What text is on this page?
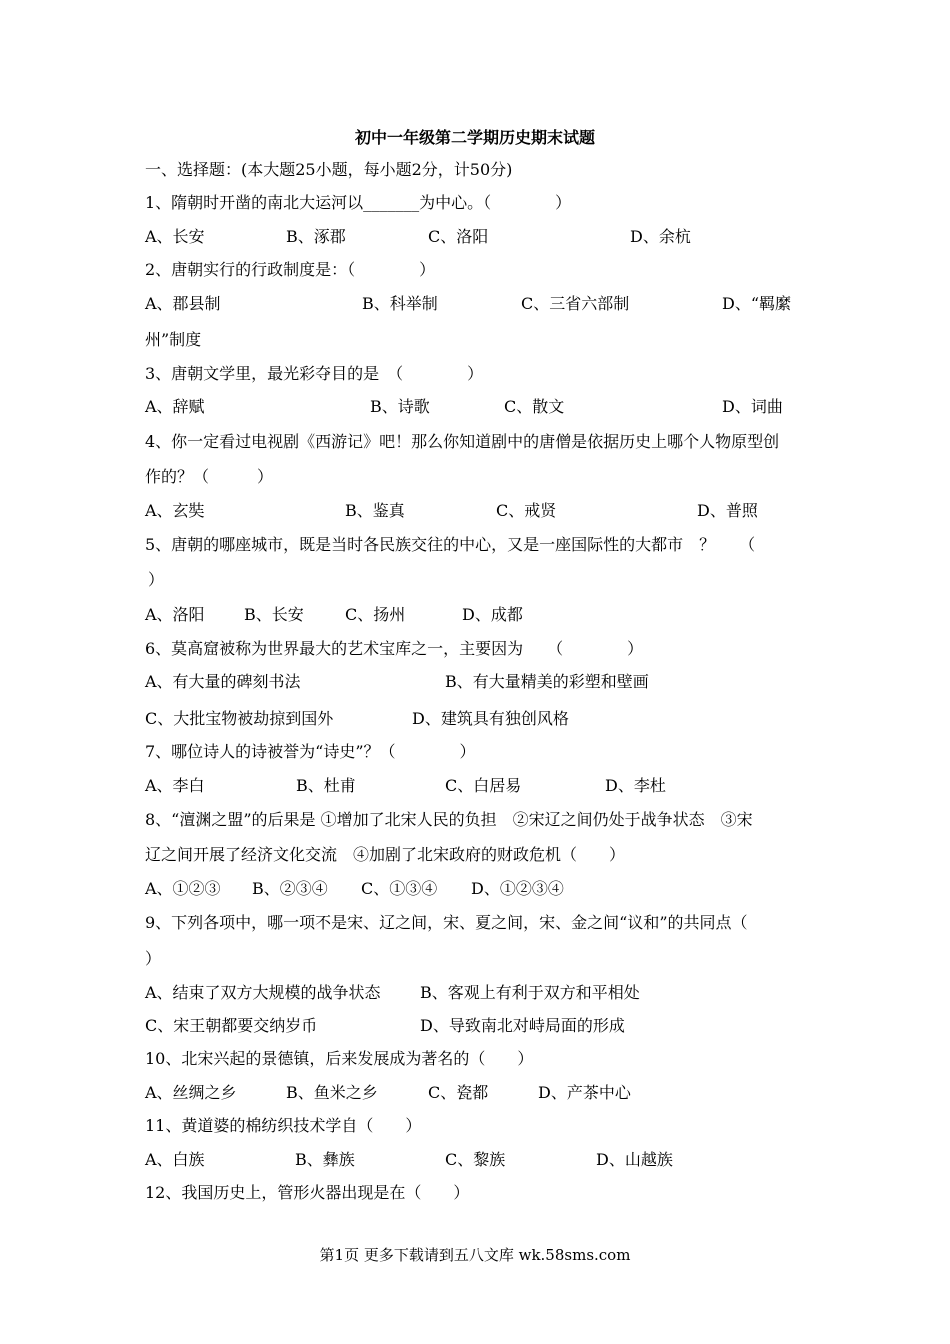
初中一年级第二学期历史期末试题
一、选择题：(本大题25小题，每小题2分，计50分)
1、隋朝时开凿的南北大运河以_______为中心。（　　　　）
A、长安	B、涿郡	C、洛阳	D、余杭
2、唐朝实行的行政制度是：（　　　　）
A、郡县制	B、科举制	C、三省六部制	D、“羁縻
州”制度
3、唐朝文学里，最光彩夺目的是　（　　　　）
A、辞赋	B、诗歌	C、散文	D、词曲
4、你一定看过电视剧《西游记》吧！那么你知道剧中的唐僧是依据历史上哪个人物原型创
作的？（　　　）
A、玄奘	B、鉴真	C、戒贤	D、普照
5、唐朝的哪座城市，既是当时各民族交往的中心，又是一座国际性的大都市　？　　（
）
A、洛阳 B、长安	C、扬州	D、成都
6、莫高窟被称为世界最大的艺术宝库之一，主要因为　　（　　　　）
A、有大量的碑刻书法	B、有大量精美的彩塑和壁画
C、大批宝物被劫掠到国外	D、建筑具有独创风格
7、哪位诗人的诗被誉为“诗史”？（　　　　）
A、李白	B、杜甫	C、白居易	D、李杜
8、“澶渊之盟”的后果是 ①增加了北宋人民的负担　②宋辽之间仍处于战争状态　③宋
辽之间开展了经济文化交流　④加剧了北宋政府的财政危机（　　）
A、①②③ B、②③④ C、①③④ D、①②③④
9、下列各项中，哪一项不是宋、辽之间，宋、夏之间，宋、金之间“议和”的共同点（
）
A、结束了双方大规模的战争状态 B、客观上有利于双方和平相处
C、宋王朝都要交纳岁币	D、导致南北对峙局面的形成
10、北宋兴起的景德镇，后来发展成为著名的（　　）
A、丝绸之乡	B、鱼米之乡	C、瓷都	D、产茶中心
11、黄道婆的棉纺织技术学自（　　）
A、白族	B、彝族	C、黎族	D、山越族
12、我国历史上，管形火器出现是在（　　）
第1页 更多下载请到五八文库 wk.58sms.com
